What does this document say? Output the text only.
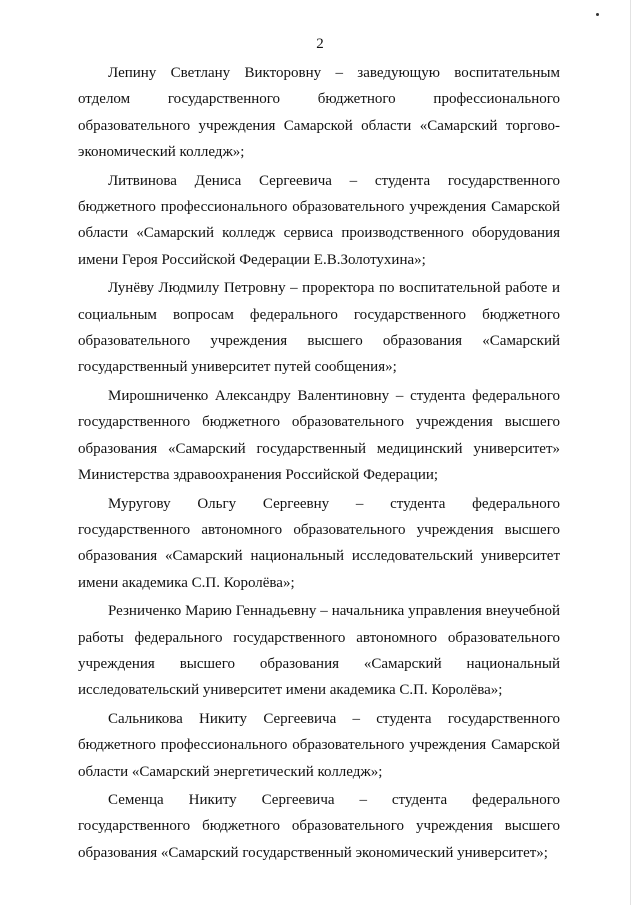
2

Лепину Светлану Викторовну – заведующую воспитательным отделом государственного бюджетного профессионального образовательного учреждения Самарской области «Самарский торгово-экономический колледж»;

Литвинова Дениса Сергеевича – студента государственного бюджетного профессионального образовательного учреждения Самарской области «Самарский колледж сервиса производственного оборудования имени Героя Российской Федерации Е.В.Золотухина»;

Лунёву Людмилу Петровну – проректора по воспитательной работе и социальным вопросам федерального государственного бюджетного образовательного учреждения высшего образования «Самарский государственный университет путей сообщения»;

Мирошниченко Александру Валентиновну – студента федерального государственного бюджетного образовательного учреждения высшего образования «Самарский государственный медицинский университет» Министерства здравоохранения Российской Федерации;

Муругову Ольгу Сергеевну – студента федерального государственного автономного образовательного учреждения высшего образования «Самарский национальный исследовательский университет имени академика С.П. Королёва»;

Резниченко Марию Геннадьевну – начальника управления внеучебной работы федерального государственного автономного образовательного учреждения высшего образования «Самарский национальный исследовательский университет имени академика С.П. Королёва»;

Сальникова Никиту Сергеевича – студента государственного бюджетного профессионального образовательного учреждения Самарской области «Самарский энергетический колледж»;

Семенца Никиту Сергеевича – студента федерального государственного бюджетного образовательного учреждения высшего образования «Самарский государственный экономический университет»;
